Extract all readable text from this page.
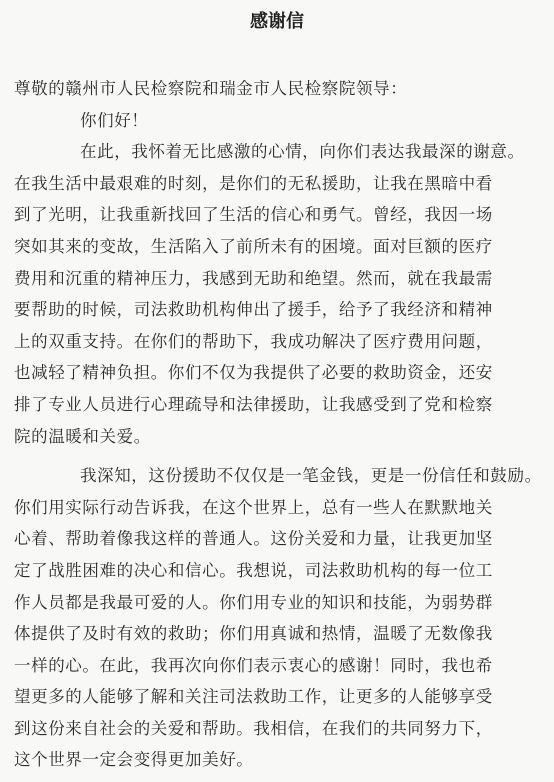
感谢信
尊敬的赣州市人民检察院和瑞金市人民检察院领导：
你们好！
在此，我怀着无比感激的心情，向你们表达我最深的谢意。
在我生活中最艰难的时刻，是你们的无私援助，让我在黑暗中看
到了光明，让我重新找回了生活的信心和勇气。曾经，我因一场
突如其来的变故，生活陷入了前所未有的困境。面对巨额的医疗
费用和沉重的精神压力，我感到无助和绝望。然而，就在我最需
要帮助的时候，司法救助机构伸出了援手，给予了我经济和精神
上的双重支持。在你们的帮助下，我成功解决了医疗费用问题，
也减轻了精神负担。你们不仅为我提供了必要的救助资金，还安
排了专业人员进行心理疏导和法律援助，让我感受到了党和检察
院的温暖和关爱。
我深知，这份援助不仅仅是一笔金钱，更是一份信任和鼓励。
你们用实际行动告诉我，在这个世界上，总有一些人在默默地关
心着、帮助着像我这样的普通人。这份关爱和力量，让我更加坚
定了战胜困难的决心和信心。我想说，司法救助机构的每一位工
作人员都是我最可爱的人。你们用专业的知识和技能，为弱势群
体提供了及时有效的救助；你们用真诚和热情，温暖了无数像我
一样的心。在此，我再次向你们表示衷心的感谢！同时，我也希
望更多的人能够了解和关注司法救助工作，让更多的人能够享受
到这份来自社会的关爱和帮助。我相信，在我们的共同努力下，
这个世界一定会变得更加美好。
